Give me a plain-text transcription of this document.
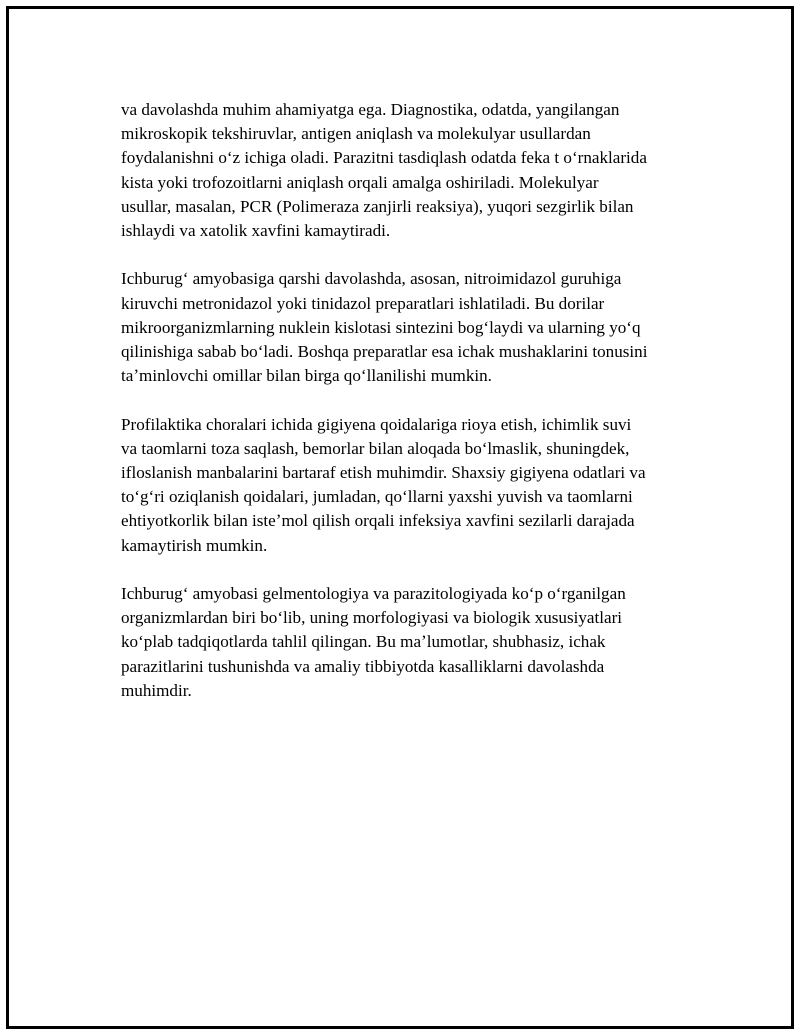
va davolashda muhim ahamiyatga ega. Diagnostika, odatda, yangilangan
mikroskopik tekshiruvlar, antigen aniqlash va molekulyar usullardan
foydalanishni oʻz ichiga oladi. Parazitni tasdiqlash odatda feka t oʻrnaklarida
kista yoki trofozoitlarni aniqlash orqali amalga oshiriladi. Molekulyar
usullar, masalan, PCR (Polimeraza zanjirli reaksiya), yuqori sezgirlik bilan
ishlaydi va xatolik xavfini kamaytiradi.

Ichburugʻ amyobasiga qarshi davolashda, asosan, nitroimidazol guruhiga
kiruvchi metronidazol yoki tinidazol preparatlari ishlatiladi. Bu dorilar
mikroorganizmlarning nuklein kislotasi sintezini bogʻlaydi va ularning yoʻq
qilinishiga sabab boʻladi. Boshqa preparatlar esa ichak mushaklarini tonusini
taʼminlovchi omillar bilan birga qoʻllanilishi mumkin.

Profilaktika choralari ichida gigiyena qoidalariga rioya etish, ichimlik suvi
va taomlarni toza saqlash, bemorlar bilan aloqada boʻlmaslik, shuningdek,
ifloslanish manbalarini bartaraf etish muhimdir. Shaxsiy gigiyena odatlari va
toʻgʻri oziqlanish qoidalari, jumladan, qoʻllarni yaxshi yuvish va taomlarni
ehtiyotkorlik bilan isteʼmol qilish orqali infeksiya xavfini sezilarli darajada
kamaytirish mumkin.

Ichburugʻ amyobasi gelmentologiya va parazitologiyada koʻp oʻrganilgan
organizmlardan biri boʻlib, uning morfologiyasi va biologik xususiyatlari
koʻplab tadqiqotlarda tahlil qilingan. Bu maʼlumotlar, shubhasiz, ichak
parazitlarini tushunishda va amaliy tibbiyotda kasalliklarni davolashda
muhimdir.
